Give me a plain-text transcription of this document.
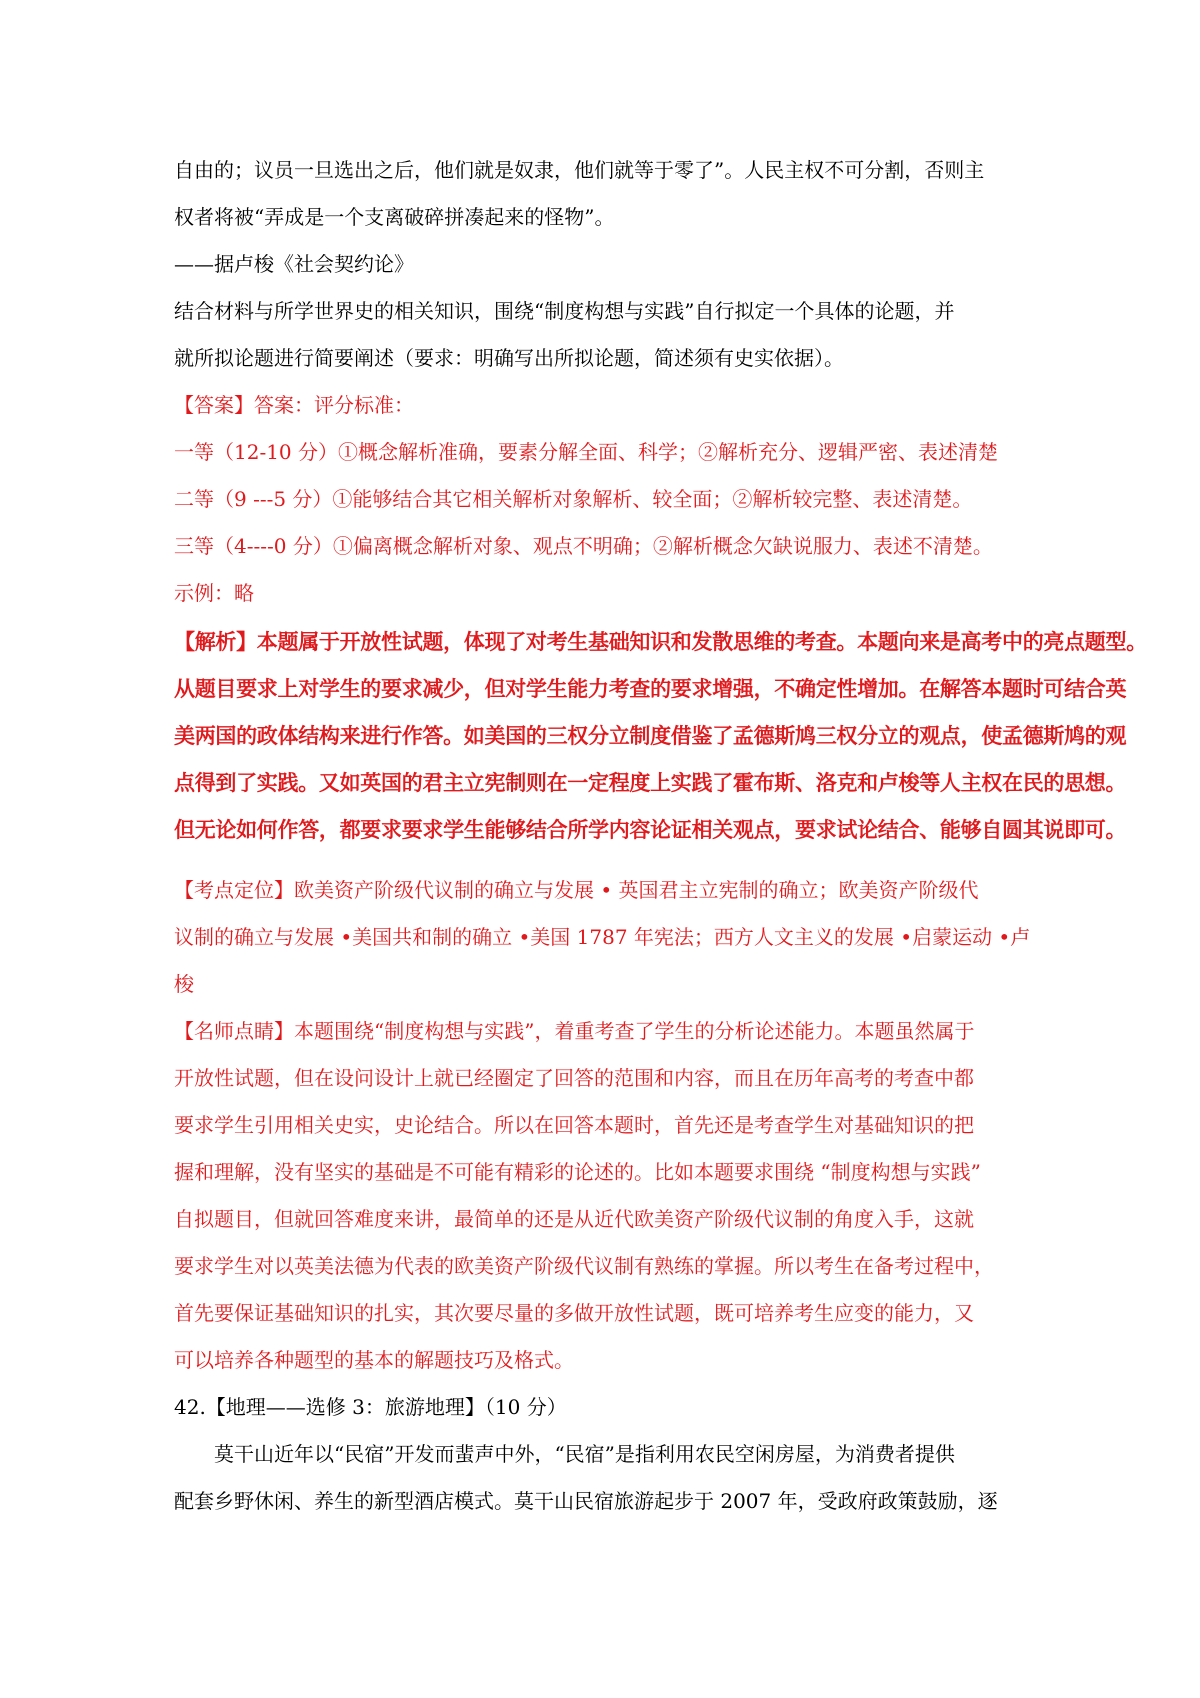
自由的；议员一旦选出之后，他们就是奴隶，他们就等于零了”。人民主权不可分割，否则主
权者将被“弄成是一个支离破碎拼凑起来的怪物”。
——据卢梭《社会契约论》
结合材料与所学世界史的相关知识，围绕“制度构想与实践”自行拟定一个具体的论题，并
就所拟论题进行简要阐述（要求：明确写出所拟论题，简述须有史实依据）。
【答案】答案：评分标准：
一等（12-10 分）①概念解析准确，要素分解全面、科学；②解析充分、逻辑严密、表述清楚
二等（9 ---5 分）①能够结合其它相关解析对象解析、较全面；②解析较完整、表述清楚。
三等（4----0 分）①偏离概念解析对象、观点不明确；②解析概念欠缺说服力、表述不清楚。
示例：略
【解析】本题属于开放性试题，体现了对考生基础知识和发散思维的考查。本题向来是高考中的亮点题型。
从题目要求上对学生的要求减少，但对学生能力考查的要求增强，不确定性增加。在解答本题时可结合英
美两国的政体结构来进行作答。如美国的三权分立制度借鉴了孟德斯鸠三权分立的观点，使孟德斯鸠的观
点得到了实践。又如英国的君主立宪制则在一定程度上实践了霍布斯、洛克和卢梭等人主权在民的思想。
但无论如何作答，都要求要求学生能够结合所学内容论证相关观点，要求试论结合、能够自圆其说即可。
【考点定位】欧美资产阶级代议制的确立与发展 • 英国君主立宪制的确立；欧美资产阶级代
议制的确立与发展 •美国共和制的确立 •美国 1787 年宪法；西方人文主义的发展 •启蒙运动 •卢
梭
【名师点睛】本题围绕“制度构想与实践”，着重考查了学生的分析论述能力。本题虽然属于
开放性试题，但在设问设计上就已经圈定了回答的范围和内容，而且在历年高考的考查中都
要求学生引用相关史实，史论结合。所以在回答本题时，首先还是考查学生对基础知识的把
握和理解，没有坚实的基础是不可能有精彩的论述的。比如本题要求围绕 “制度构想与实践”
自拟题目，但就回答难度来讲，最简单的还是从近代欧美资产阶级代议制的角度入手，这就
要求学生对以英美法德为代表的欧美资产阶级代议制有熟练的掌握。所以考生在备考过程中，
首先要保证基础知识的扎实，其次要尽量的多做开放性试题，既可培养考生应变的能力，又
可以培养各种题型的基本的解题技巧及格式。
42.【地理——选修 3：旅游地理】（10 分）
莫干山近年以“民宿”开发而蜚声中外，“民宿”是指利用农民空闲房屋，为消费者提供
配套乡野休闲、养生的新型酒店模式。莫干山民宿旅游起步于 2007 年，受政府政策鼓励，逐
